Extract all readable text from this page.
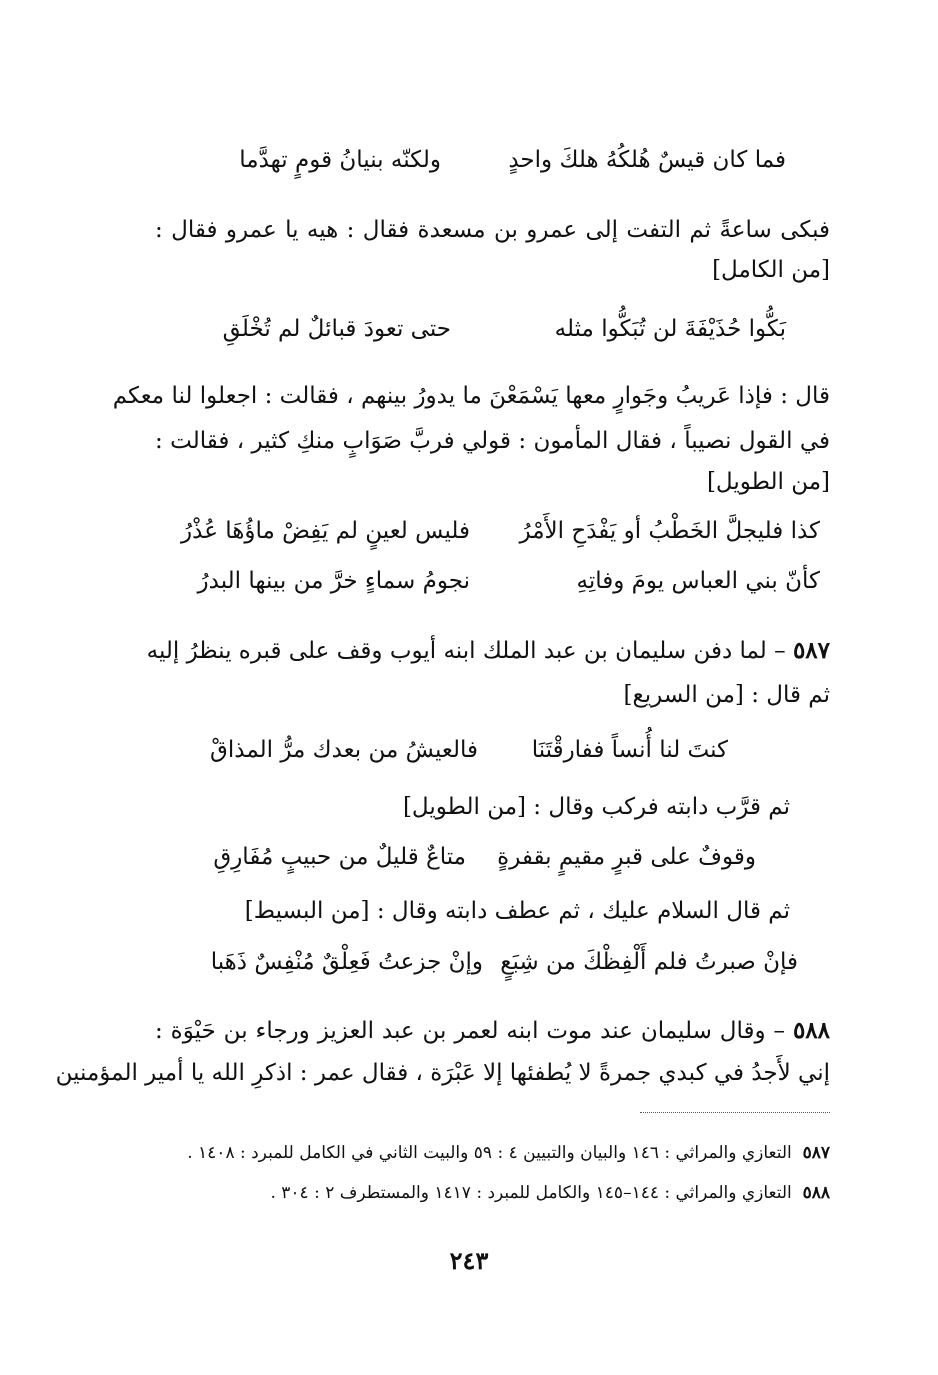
فما كان قيسٌ هُلكُهُ هلكَ واحدٍ
ولكنّه بنيانُ قومٍ تهدَّما
فبكى ساعةً ثم التفت إلى عمرو بن مسعدة فقال : هيه يا عمرو فقال :
[من الكامل]
بَكُّوا حُذَيْفَةَ لن تُبَكُّوا مثله
حتى تعودَ قبائلٌ لم تُخْلَقِ
قال : فإذا عَريبُ وجَوارٍ معها يَسْمَعْنَ ما يدورُ بينهم ، فقالت : اجعلوا لنا معكم
في القول نصيباً ، فقال المأمون : قولي فربَّ صَوَابٍ منكِ كثير ، فقالت :
[من الطويل]
كذا فليجلَّ الخَطْبُ أو يَفْدَحِ الأَمْرُ
فليس لعينٍ لم يَفِضْ ماؤُهَا عُذْرُ
كأنّ بني العباس يومَ وفاتِهِ
نجومُ سماءٍ خرَّ من بينها البدرُ
٥٨٧ – لما دفن سليمان بن عبد الملك ابنه أيوب وقف على قبره ينظرُ إليه
ثم قال : [من السريع]
كنتَ لنا أُنساً ففارقْتَنَا
فالعيشُ من بعدك مرُّ المذاقْ
ثم قرَّب دابته فركب وقال : [من الطويل]
وقوفٌ على قبرٍ مقيمٍ بقفرةٍ
متاعٌ قليلٌ من حبيبٍ مُفَارِقِ
ثم قال السلام عليك ، ثم عطف دابته وقال : [من البسيط]
فإنْ صبرتُ فلم أَلْفِظْكَ من شِبَعٍ
وإنْ جزعتُ فَعِلْقٌ مُنْفِسٌ ذَهَبا
٥٨٨ – وقال سليمان عند موت ابنه لعمر بن عبد العزيز ورجاء بن حَيْوَة :
إني لأَجدُ في كبدي جمرةً لا يُطفئها إلا عَبْرَة ، فقال عمر : اذكرِ الله يا أمير المؤمنين
٥٨٧  التعازي والمراثي : ١٤٦ والبيان والتبيين ٤ : ٥٩ والبيت الثاني في الكامل للمبرد : ١٤٠٨ .
٥٨٨  التعازي والمراثي : ١٤٤–١٤٥ والكامل للمبرد : ١٤١٧ والمستطرف ٢ : ٣٠٤ .
٢٤٣
